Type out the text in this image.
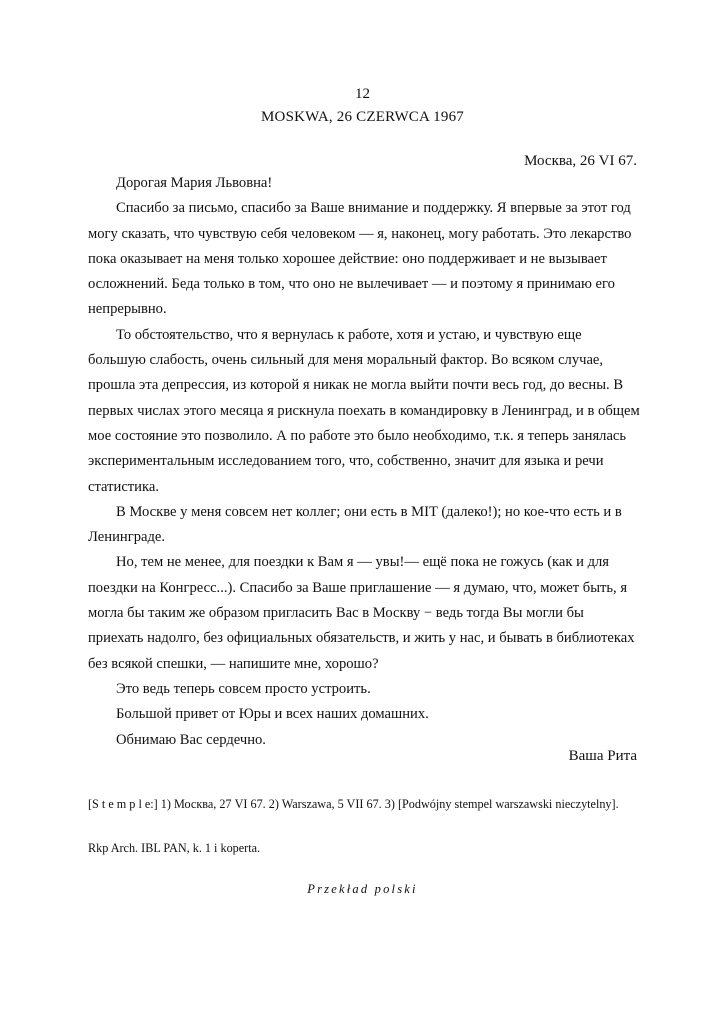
12
MOSKWA, 26 CZERWCA 1967
Москва, 26 VI 67.

Дорогая Мария Львовна!

Спасибо за письмо, спасибо за Ваше внимание и поддержку. Я впервые за этот год могу сказать, что чувствую себя человеком — я, наконец, могу работать. Это лекарство пока оказывает на меня только хорошее действие: оно поддерживает и не вызывает осложнений. Беда только в том, что оно не вылечивает — и поэтому я принимаю его непрерывно.

То обстоятельство, что я вернулась к работе, хотя и устаю, и чувствую еще большую слабость, очень сильный для меня моральный фактор. Во всяком случае, прошла эта депрессия, из которой я никак не могла выйти почти весь год, до весны. В первых числах этого месяца я рискнула поехать в командировку в Ленинград, и в общем мое состояние это позволило. А по работе это было необходимо, т.к. я теперь занялась экспериментальным исследованием того, что, собственно, значит для языка и речи статистика.

В Москве у меня совсем нет коллег; они есть в MIT (далеко!); но кое-что есть и в Ленинграде.

Но, тем не менее, для поездки к Вам я — увы!— ещё пока не гожусь (как и для поездки на Конгресс...). Спасибо за Ваше приглашение — я думаю, что, может быть, я могла бы таким же образом пригласить Вас в Москву − ведь тогда Вы могли бы приехать надолго, без официальных обязательств, и жить у нас, и бывать в библиотеках без всякой спешки, — напишите мне, хорошо?

Это ведь теперь совсем просто устроить.

Большой привет от Юры и всех наших домашних.

Обнимаю Вас сердечно.

Ваша Рита
[S t e m p l e:] 1) Москва, 27 VI 67. 2) Warszawa, 5 VII 67. 3) [Podwójny stempel warszawski nieczytelny].
Rkp Arch. IBL PAN, k. 1 i koperta.
Przekład polski
